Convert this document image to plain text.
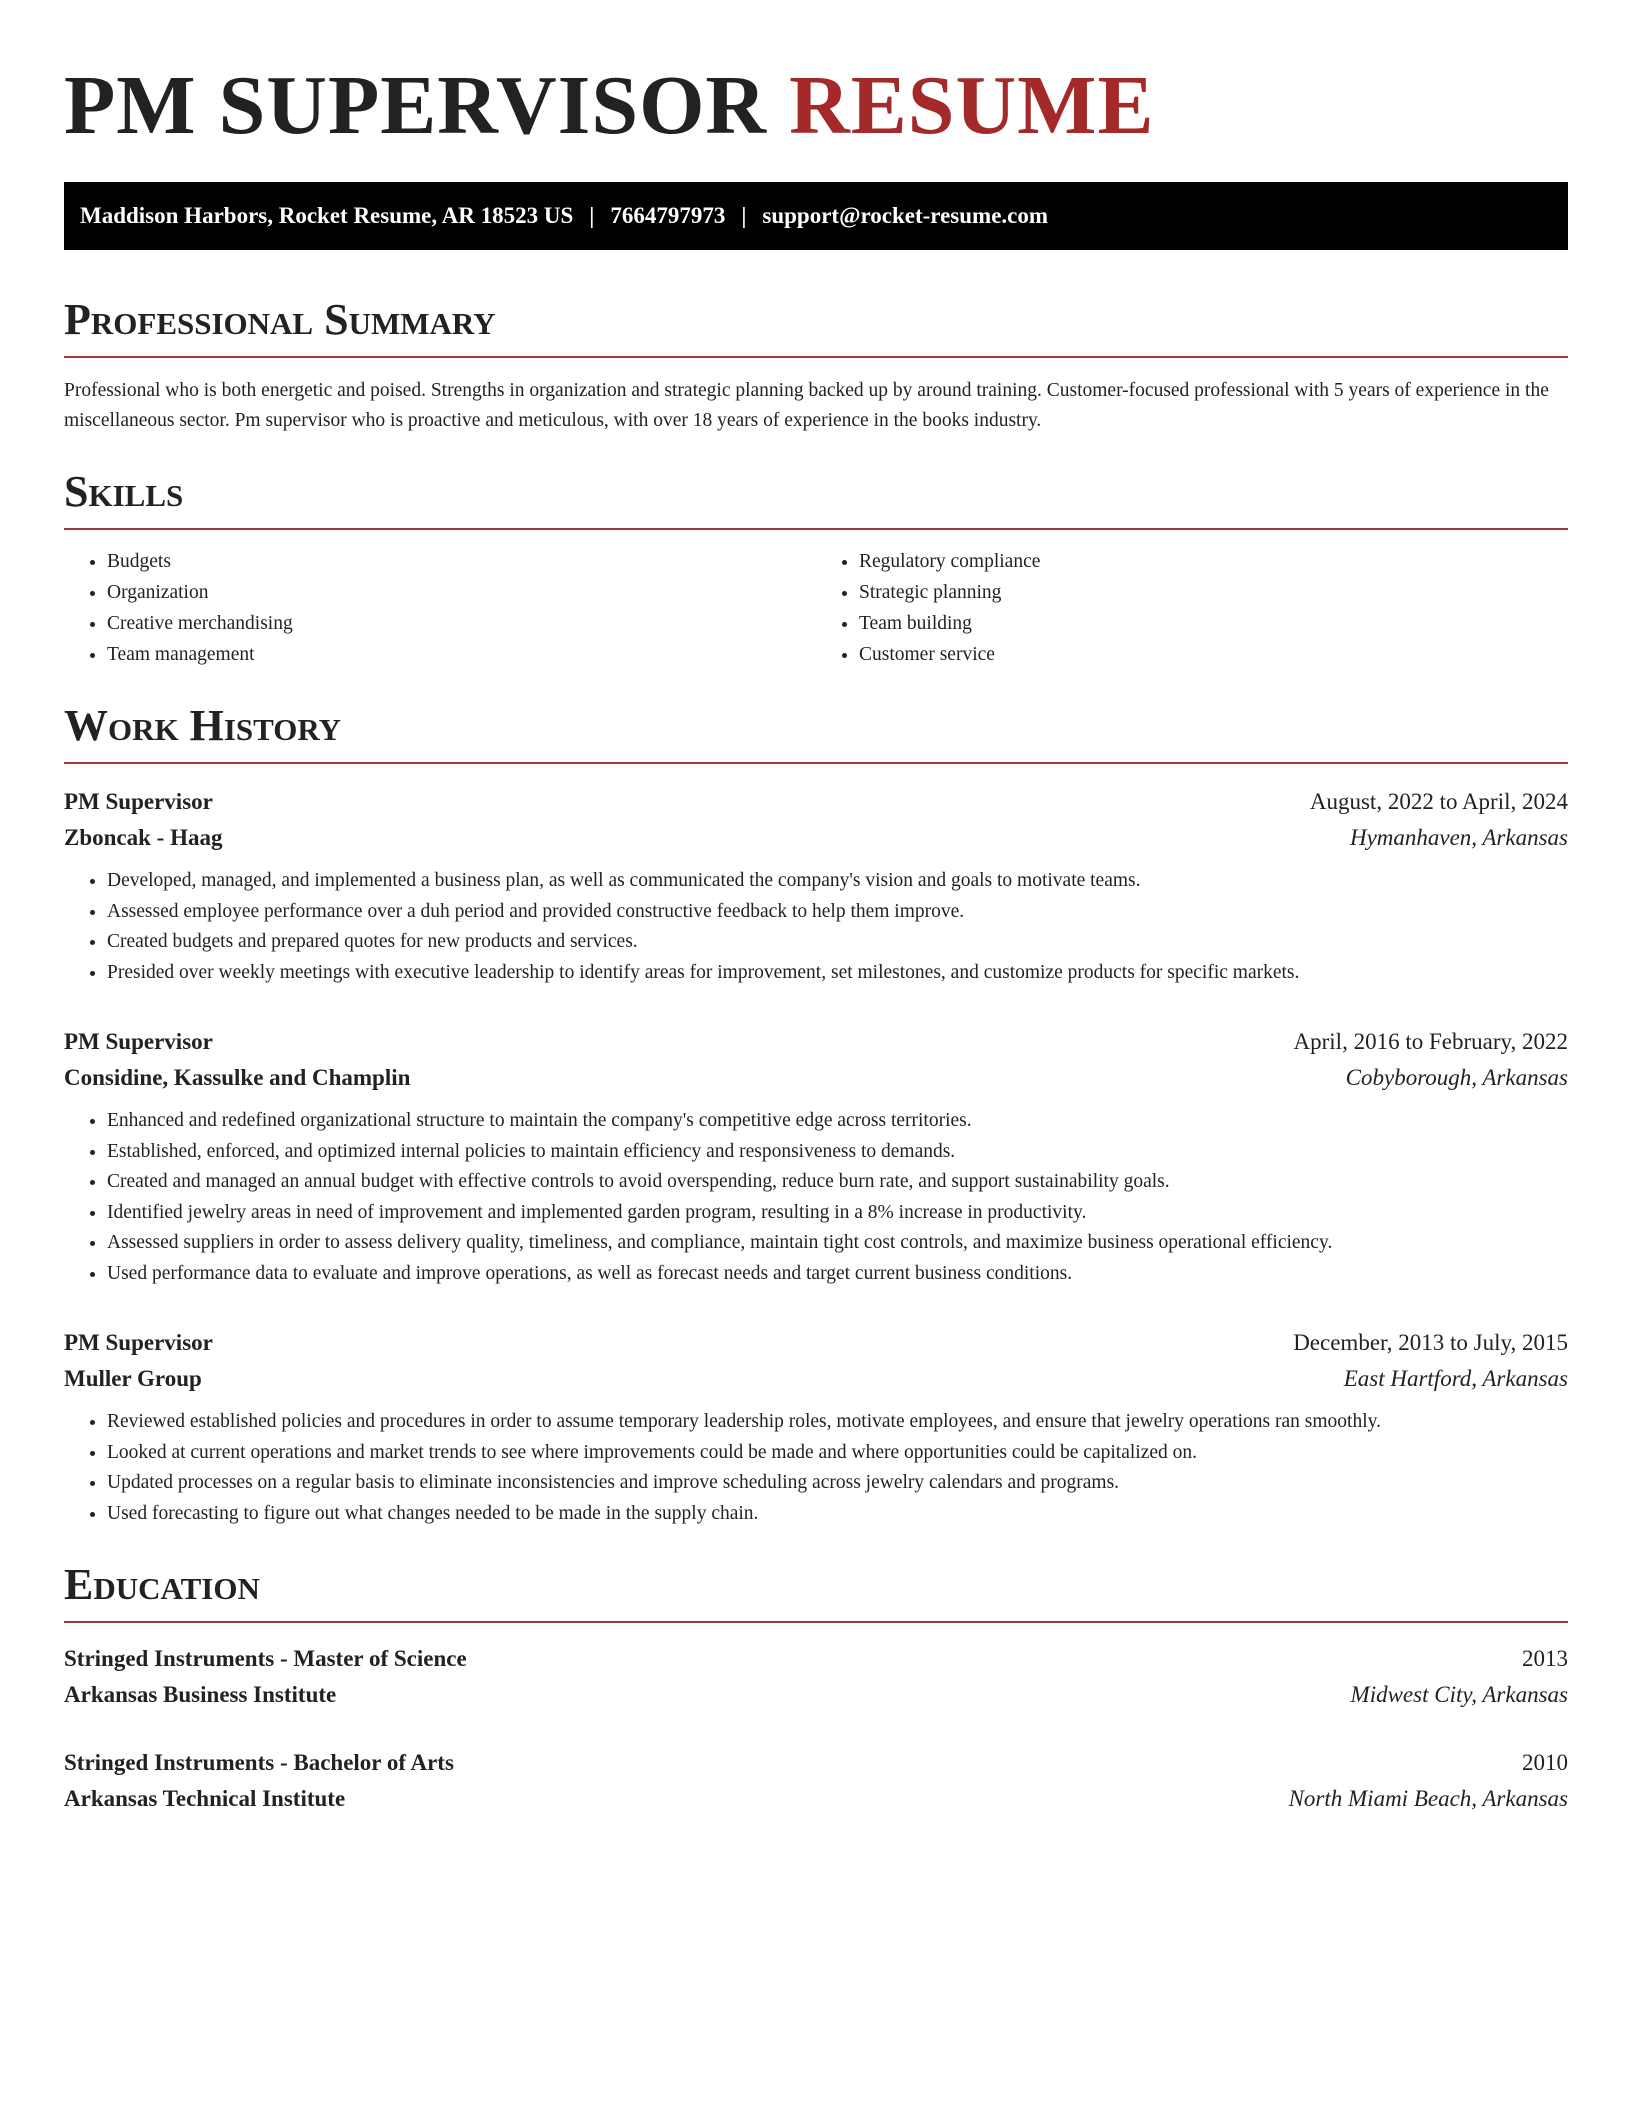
PM SUPERVISOR RESUME
Maddison Harbors, Rocket Resume, AR 18523 US | 7664797973 | support@rocket-resume.com
Professional Summary

Professional who is both energetic and poised. Strengths in organization and strategic planning backed up by around training. Customer-focused professional with 5 years of experience in the miscellaneous sector. Pm supervisor who is proactive and meticulous, with over 18 years of experience in the books industry.

Skills
• Budgets
• Organization
• Creative merchandising
• Team management
• Regulatory compliance
• Strategic planning
• Team building
• Customer service
Work History
PM Supervisor	August, 2022 to April, 2024
Zboncak - Haag	Hymanhaven, Arkansas
• Developed, managed, and implemented a business plan, as well as communicated the company's vision and goals to motivate teams.
• Assessed employee performance over a duh period and provided constructive feedback to help them improve.
• Created budgets and prepared quotes for new products and services.
• Presided over weekly meetings with executive leadership to identify areas for improvement, set milestones, and customize products for specific markets.
PM Supervisor	April, 2016 to February, 2022
Considine, Kassulke and Champlin	Cobyborough, Arkansas
• Enhanced and redefined organizational structure to maintain the company's competitive edge across territories.
• Established, enforced, and optimized internal policies to maintain efficiency and responsiveness to demands.
• Created and managed an annual budget with effective controls to avoid overspending, reduce burn rate, and support sustainability goals.
• Identified jewelry areas in need of improvement and implemented garden program, resulting in a 8% increase in productivity.
• Assessed suppliers in order to assess delivery quality, timeliness, and compliance, maintain tight cost controls, and maximize business operational efficiency.
• Used performance data to evaluate and improve operations, as well as forecast needs and target current business conditions.
PM Supervisor	December, 2013 to July, 2015
Muller Group	East Hartford, Arkansas
• Reviewed established policies and procedures in order to assume temporary leadership roles, motivate employees, and ensure that jewelry operations ran smoothly.
• Looked at current operations and market trends to see where improvements could be made and where opportunities could be capitalized on.
• Updated processes on a regular basis to eliminate inconsistencies and improve scheduling across jewelry calendars and programs.
• Used forecasting to figure out what changes needed to be made in the supply chain.
Education
Stringed Instruments - Master of Science	2013
Arkansas Business Institute	Midwest City, Arkansas
Stringed Instruments - Bachelor of Arts	2010
Arkansas Technical Institute	North Miami Beach, Arkansas
